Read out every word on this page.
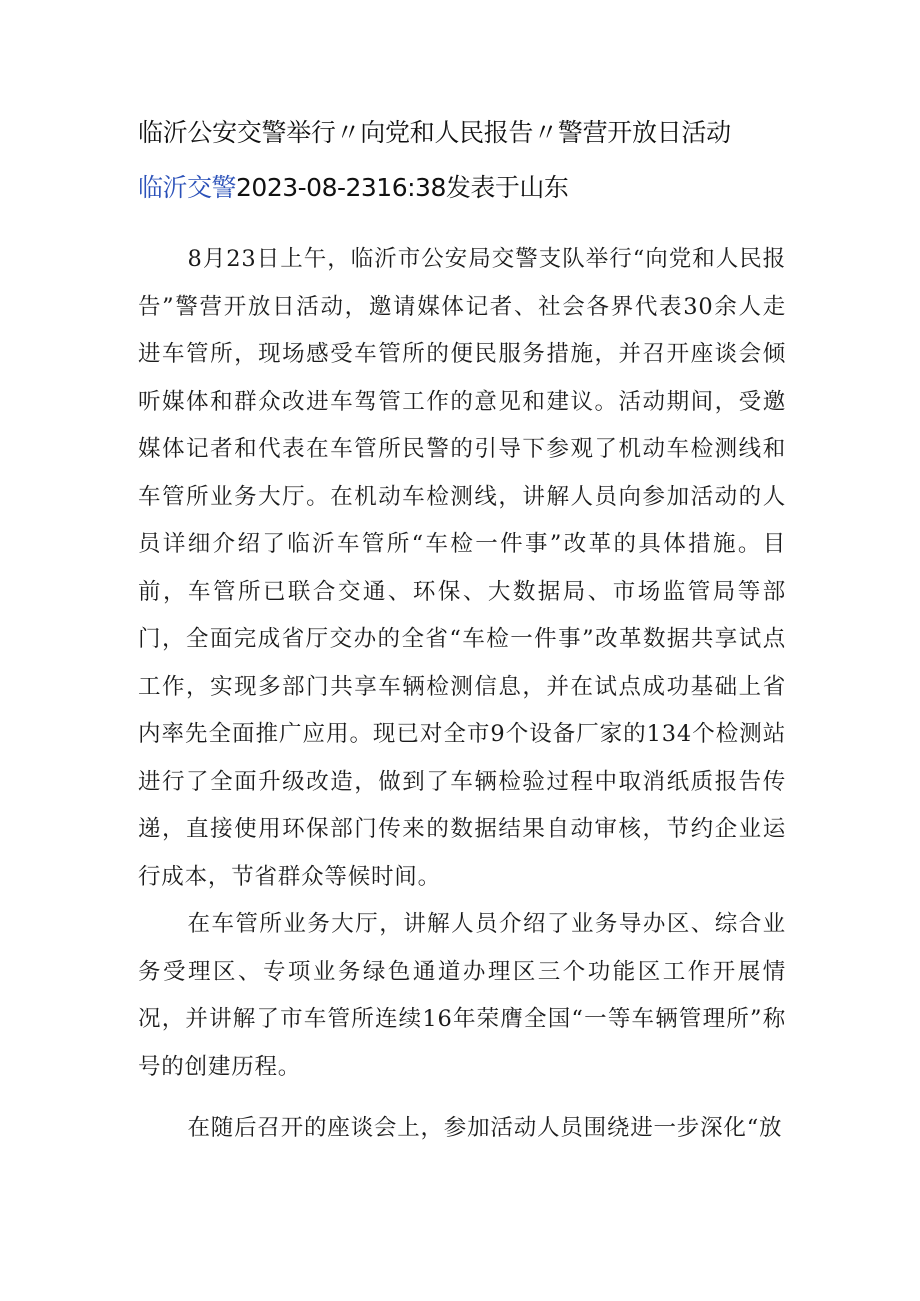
临沂公安交警举行〃向党和人民报告〃警营开放日活动
临沂交警2023-08-2316:38发表于山东

8月23日上午，临沂市公安局交警支队举行“向党和人民报告”警营开放日活动，邀请媒体记者、社会各界代表30余人走进车管所，现场感受车管所的便民服务措施，并召开座谈会倾听媒体和群众改进车驾管工作的意见和建议。活动期间，受邀媒体记者和代表在车管所民警的引导下参观了机动车检测线和车管所业务大厅。在机动车检测线，讲解人员向参加活动的人员详细介绍了临沂车管所“车检一件事”改革的具体措施。目前，车管所已联合交通、环保、大数据局、市场监管局等部门，全面完成省厅交办的全省“车检一件事”改革数据共享试点工作，实现多部门共享车辆检测信息，并在试点成功基础上省内率先全面推广应用。现已对全市9个设备厂家的134个检测站进行了全面升级改造，做到了车辆检验过程中取消纸质报告传递，直接使用环保部门传来的数据结果自动审核，节约企业运行成本，节省群众等候时间。

在车管所业务大厅，讲解人员介绍了业务导办区、综合业务受理区、专项业务绿色通道办理区三个功能区工作开展情况，并讲解了市车管所连续16年荣膺全国“一等车辆管理所”称号的创建历程。

在随后召开的座谈会上，参加活动人员围绕进一步深化“放
